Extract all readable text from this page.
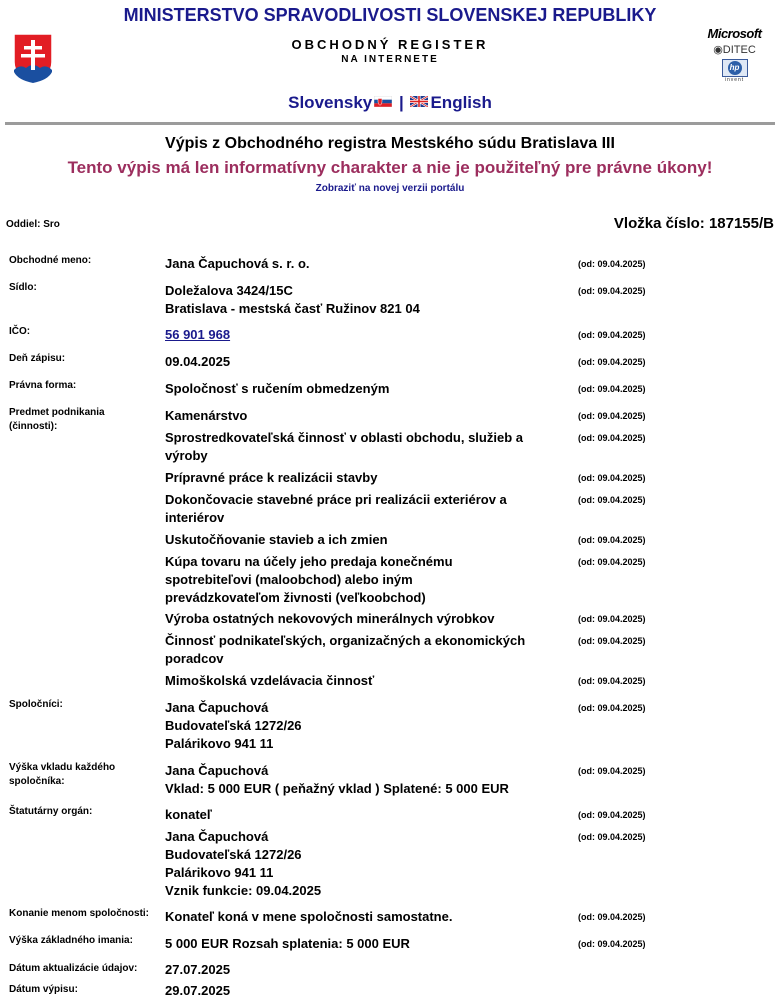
MINISTERSTVO SPRAVODLIVOSTI SLOVENSKEJ REPUBLIKY
OBCHODNÝ REGISTER
NA INTERNETE
Microsoft
◉DITEC
hp
invent
Slovensky | English
Výpis z Obchodného registra Mestského súdu Bratislava III
Tento výpis má len informatívny charakter a nie je použiteľný pre právne úkony!
Zobraziť na novej verzii portálu
Oddiel: Sro	Vložka číslo: 187155/B
Obchodné meno:	Jana Čapuchová s. r. o.	(od: 09.04.2025)
Sídlo:	Doležalova 3424/15C
Bratislava - mestská časť Ružinov 821 04
(od: 09.04.2025)
IČO:	56 901 968	(od: 09.04.2025)
Deň zápisu:	09.04.2025	(od: 09.04.2025)
Právna forma:	Spoločnosť s ručením obmedzeným	(od: 09.04.2025)
Predmet podnikania
(činnosti):
Kamenárstvo	(od: 09.04.2025)
Sprostredkovateľská činnosť v oblasti obchodu, služieb a
výroby
(od: 09.04.2025)
Prípravné práce k realizácii stavby	(od: 09.04.2025)
Dokončovacie stavebné práce pri realizácii exteriérov a
interiérov
(od: 09.04.2025)
Uskutočňovanie stavieb a ich zmien	(od: 09.04.2025)
Kúpa tovaru na účely jeho predaja konečnému
spotrebiteľovi (maloobchod) alebo iným
prevádzkovateľom živnosti (veľkoobchod)
(od: 09.04.2025)
Výroba ostatných nekovových minerálnych výrobkov	(od: 09.04.2025)
Činnosť podnikateľských, organizačných a ekonomických
poradcov
(od: 09.04.2025)
Mimoškolská vzdelávacia činnosť	(od: 09.04.2025)
Spoločníci:	Jana Čapuchová
Budovateľská 1272/26
Palárikovo 941 11
(od: 09.04.2025)
Výška vkladu každého
spoločníka:
Jana Čapuchová
Vklad: 5 000 EUR ( peňažný vklad ) Splatené: 5 000 EUR
(od: 09.04.2025)
Štatutárny orgán:	konateľ	(od: 09.04.2025)
Jana Čapuchová
Budovateľská 1272/26
Palárikovo 941 11
Vznik funkcie: 09.04.2025
(od: 09.04.2025)
Konanie menom spoločnosti:	Konateľ koná v mene spoločnosti samostatne.	(od: 09.04.2025)
Výška základného imania:	5 000 EUR Rozsah splatenia: 5 000 EUR	(od: 09.04.2025)
Dátum aktualizácie údajov:	27.07.2025
Dátum výpisu:	29.07.2025
